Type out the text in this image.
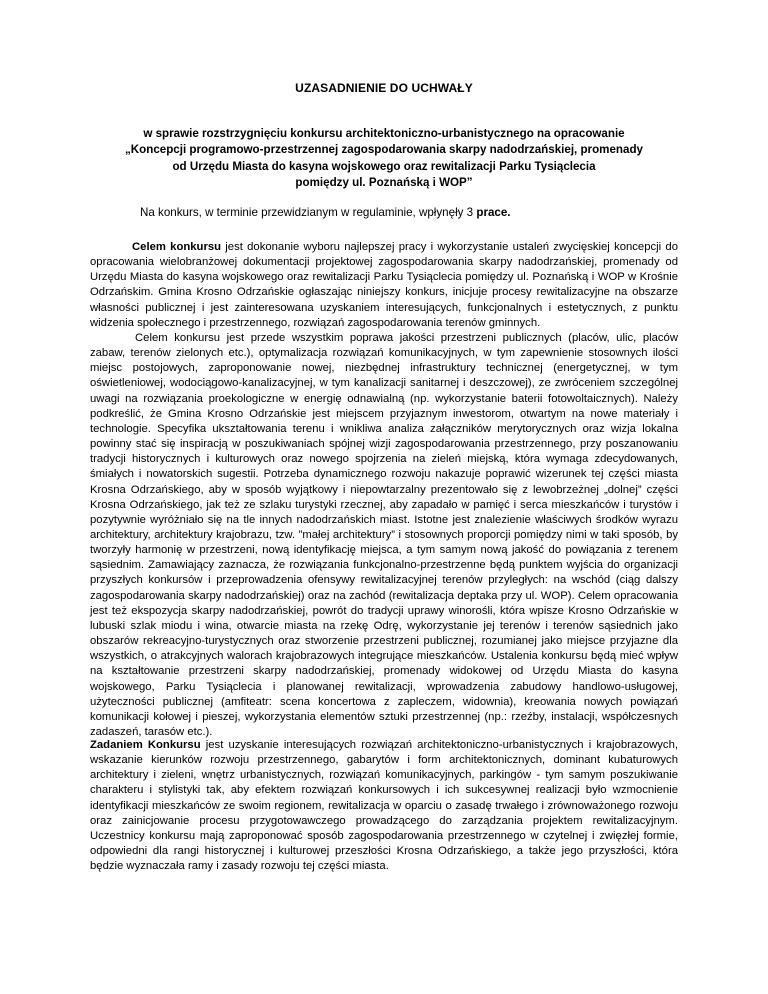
UZASADNIENIE DO UCHWAŁY
w sprawie rozstrzygnięciu konkursu architektoniczno-urbanistycznego na opracowanie
„Koncepcji programowo-przestrzennej zagospodarowania skarpy nadodrzańskiej, promenady
od Urzędu Miasta do kasyna wojskowego oraz rewitalizacji Parku Tysiąclecia
pomiędzy ul. Poznańską i WOP”
Na konkurs, w terminie przewidzianym w regulaminie, wpłynęły 3 prace.
Celem konkursu jest dokonanie wyboru najlepszej pracy i wykorzystanie ustaleń zwycięskiej koncepcji do opracowania wielobranżowej dokumentacji projektowej zagospodarowania skarpy nadodrzańskiej, promenady od Urzędu Miasta do kasyna wojskowego oraz rewitalizacji Parku Tysiąclecia pomiędzy ul. Poznańską i WOP w Krośnie Odrzańskim. Gmina Krosno Odrzańskie ogłaszając niniejszy konkurs, inicjuje procesy rewitalizacyjne na obszarze własności publicznej i jest zainteresowana uzyskaniem interesujących, funkcjonalnych i estetycznych, z punktu widzenia społecznego i przestrzennego, rozwiązań zagospodarowania terenów gminnych.
Celem konkursu jest przede wszystkim poprawa jakości przestrzeni publicznych (placów, ulic, placów zabaw, terenów zielonych etc.), optymalizacja rozwiązań komunikacyjnych, w tym zapewnienie stosownych ilości miejsc postojowych, zaproponowanie nowej, niezbędnej infrastruktury technicznej (energetycznej, w tym oświetleniowej, wodociągowo-kanalizacyjnej, w tym kanalizacji sanitarnej i deszczowej), ze zwróceniem szczególnej uwagi na rozwiązania proekologiczne w energię odnawialną (np. wykorzystanie baterii fotowoltaicznych). Należy podkreślić, że Gmina Krosno Odrzańskie jest miejscem przyjaznym inwestorom, otwartym na nowe materiały i technologie. Specyfika ukształtowania terenu i wnikliwa analiza załączników merytorycznych oraz wizja lokalna powinny stać się inspiracją w poszukiwaniach spójnej wizji zagospodarowania przestrzennego, przy poszanowaniu tradycji historycznych i kulturowych oraz nowego spojrzenia na zieleń miejską, która wymaga zdecydowanych, śmiałych i nowatorskich sugestii. Potrzeba dynamicznego rozwoju nakazuje poprawić wizerunek tej części miasta Krosna Odrzańskiego, aby w sposób wyjątkowy i niepowtarzalny prezentowało się z lewobrzeżnej „dolnej” części Krosna Odrzańskiego, jak też ze szlaku turystyki rzecznej, aby zapadało w pamięć i serca mieszkańców i turystów i pozytywnie wyróżniało się na tle innych nadodrzańskich miast. Istotne jest znalezienie właściwych środków wyrazu architektury, architektury krajobrazu, tzw. ”małej architektury” i stosownych proporcji pomiędzy nimi w taki sposób, by tworzyły harmonię w przestrzeni, nową identyfikację miejsca, a tym samym nową jakość do powiązania z terenem sąsiednim. Zamawiający zaznacza, że rozwiązania funkcjonalno-przestrzenne będą punktem wyjścia do organizacji przyszłych konkursów i przeprowadzenia ofensywy rewitalizacyjnej terenów przyległych: na wschód (ciąg dalszy zagospodarowania skarpy nadodrzańskiej) oraz na zachód (rewitalizacja deptaka przy ul. WOP). Celem opracowania jest też ekspozycja skarpy nadodrzańskiej, powrót do tradycji uprawy winorośli, która wpisze Krosno Odrzańskie w lubuski szlak miodu i wina, otwarcie miasta na rzekę Odrę, wykorzystanie jej terenów i terenów sąsiednich jako obszarów rekreacyjno-turystycznych oraz stworzenie przestrzeni publicznej, rozumianej jako miejsce przyjazne dla wszystkich, o atrakcyjnych walorach krajobrazowych integrujące mieszkańców. Ustalenia konkursu będą mieć wpływ na kształtowanie przestrzeni skarpy nadodrzańskiej, promenady widokowej od Urzędu Miasta do kasyna wojskowego, Parku Tysiąclecia i planowanej rewitalizacji, wprowadzenia zabudowy handlowo-usługowej, użyteczności publicznej (amfiteatr: scena koncertowa z zapleczem, widownia), kreowania nowych powiązań komunikacji kołowej i pieszej, wykorzystania elementów sztuki przestrzennej (np.: rzeźby, instalacji, współczesnych zadaszeń, tarasów etc.).
Zadaniem Konkursu jest uzyskanie interesujących rozwiązań architektoniczno-urbanistycznych i krajobrazowych, wskazanie kierunków rozwoju przestrzennego, gabarytów i form architektonicznych, dominant kubaturowych architektury i zieleni, wnętrz urbanistycznych, rozwiązań komunikacyjnych, parkingów - tym samym poszukiwanie charakteru i stylistyki tak, aby efektem rozwiązań konkursowych i ich sukcesywnej realizacji było wzmocnienie identyfikacji mieszkańców ze swoim regionem, rewitalizacja w oparciu o zasadę trwałego i zrównoważonego rozwoju oraz zainicjowanie procesu przygotowawczego prowadzącego do zarządzania projektem rewitalizacyjnym. Uczestnicy konkursu mają zaproponować sposób zagospodarowania przestrzennego w czytelnej i zwięzłej formie, odpowiedni dla rangi historycznej i kulturowej przeszłości Krosna Odrzańskiego, a także jego przyszłości, która będzie wyznaczała ramy i zasady rozwoju tej części miasta.
